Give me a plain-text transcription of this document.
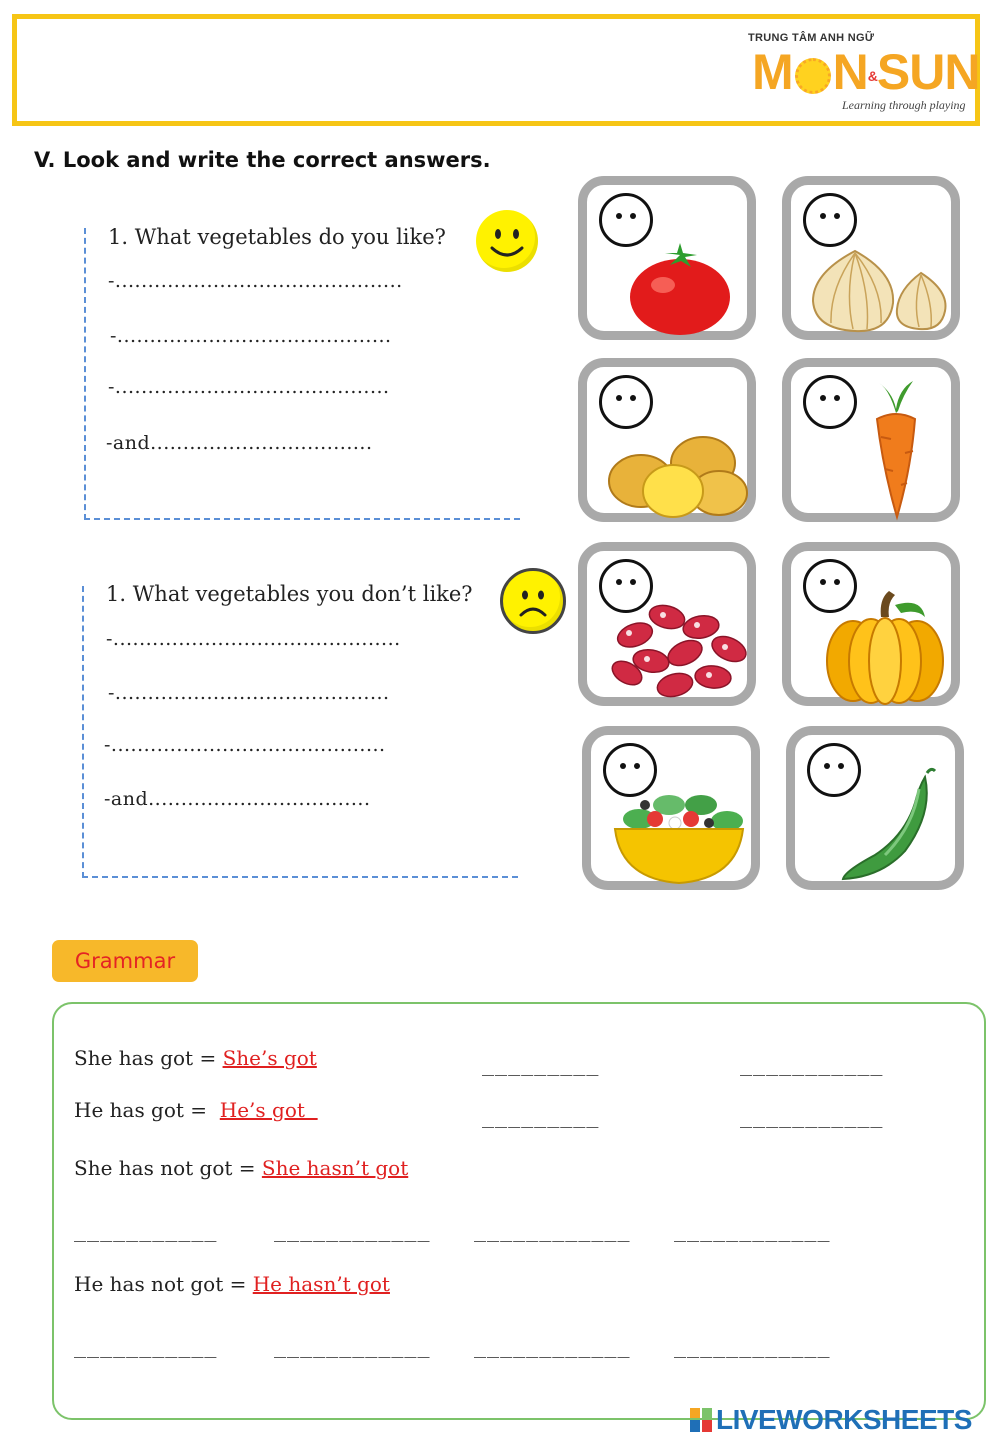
TRUNG TÂM ANH NGỮ
M N&SUN
Learning through playing
V. Look and write the correct answers.
1. What vegetables do you like?
-............................................
-..........................................
-..........................................
-and..................................
1. What vegetables you don’t like?
-............................................
-..........................................
-..........................................
-and..................................
Grammar
She has got = She’s got	_________	___________
He has got =  He’s got	_________	___________
She has not got = She hasn’t got
___________	____________ ____________ ____________
He has not got = He hasn’t got
___________	____________ ____________ ____________
LIVEWORKSHEETS
